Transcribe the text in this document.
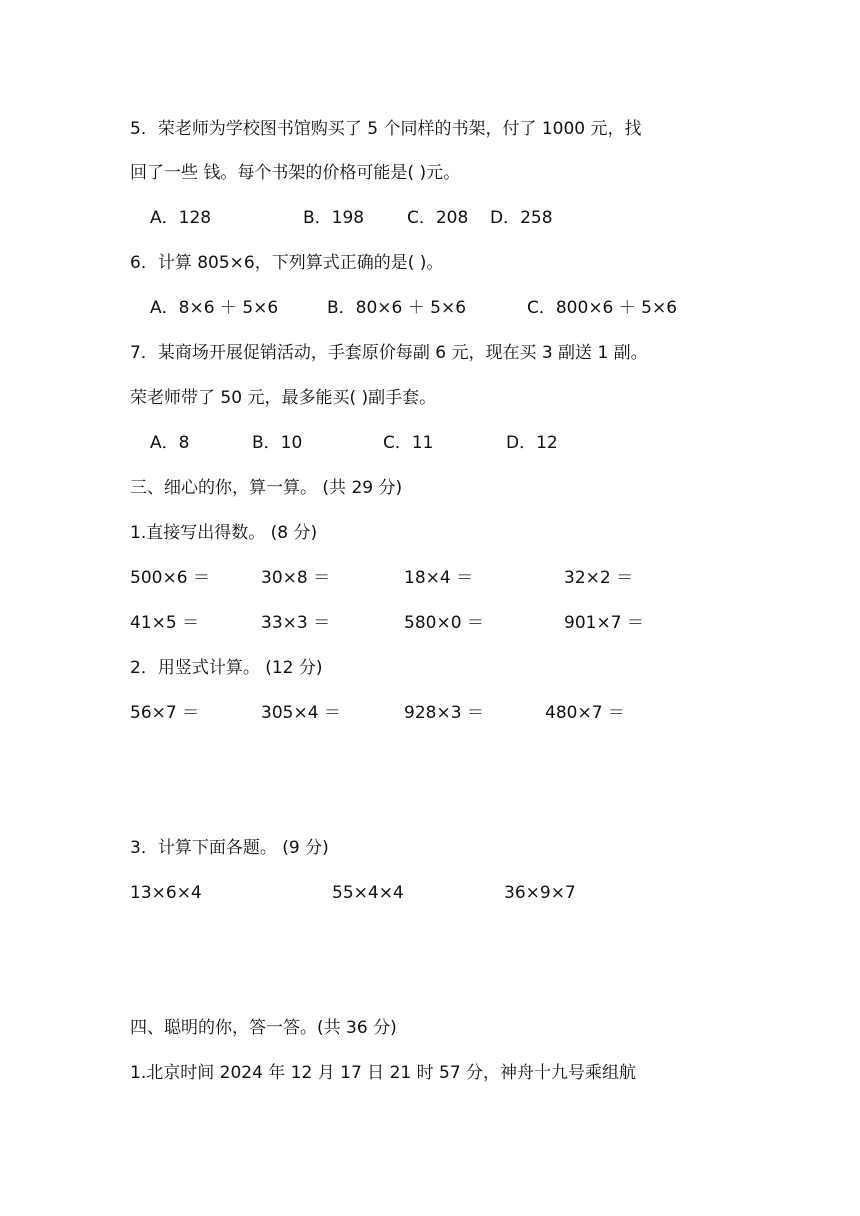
5．荣老师为学校图书馆购买了 5 个同样的书架，付了 1000 元，找
回了一些 钱。每个书架的价格可能是( )元。
A．128	B．198	C．208 D．258
6．计算 805×6，下列算式正确的是( )。
A．8×6 ＋ 5×6	B．80×6 ＋ 5×6	C．800×6 ＋ 5×6
7．某商场开展促销活动，手套原价每副 6 元，现在买 3 副送 1 副。
荣老师带了 50 元，最多能买( )副手套。
A．8	B．10	C．11	D．12
三、细心的你，算一算。 (共 29 分)
1.直接写出得数。 (8 分)
500×6 ＝	30×8 ＝	18×4 ＝	32×2 ＝
41×5 ＝	33×3 ＝	580×0 ＝	901×7 ＝
2．用竖式计算。 (12 分)
56×7 ＝	305×4 ＝	928×3 ＝	480×7 ＝
3．计算下面各题。 (9 分)
13×6×4	55×4×4	36×9×7
四、聪明的你，答一答。(共 36 分)
1.北京时间 2024 年 12 月 17 日 21 时 57 分，神舟十九号乘组航
